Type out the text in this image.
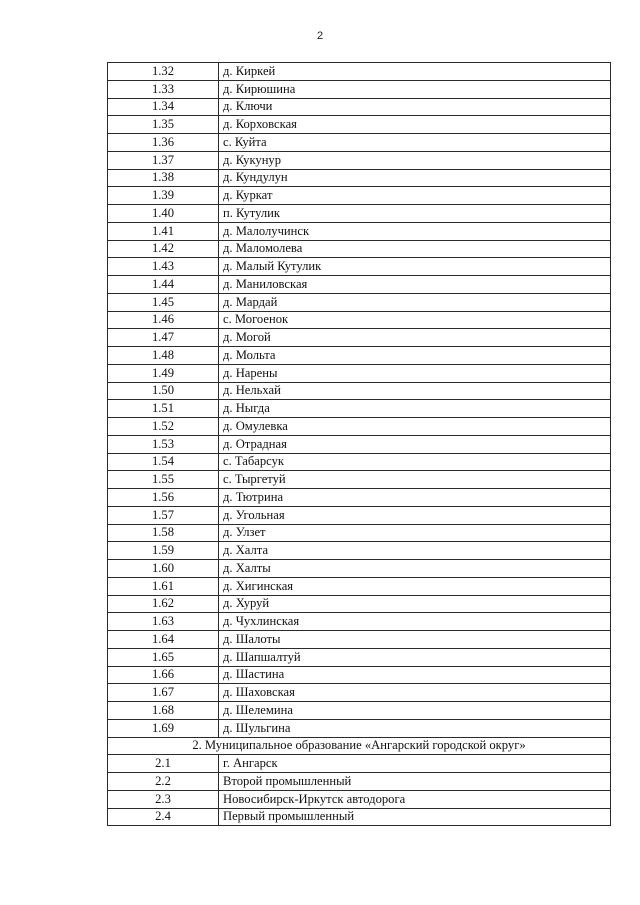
2
1.32	д. Киркей
1.33	д. Кирюшина
1.34	д. Ключи
1.35	д. Корховская
1.36	с. Куйта
1.37	д. Кукунур
1.38	д. Кундулун
1.39	д. Куркат
1.40	п. Кутулик
1.41	д. Малолучинск
1.42	д. Маломолева
1.43	д. Малый Кутулик
1.44	д. Маниловская
1.45	д. Мардай
1.46	с. Могоенок
1.47	д. Могой
1.48	д. Мольта
1.49	д. Нарены
1.50	д. Нельхай
1.51	д. Ныгда
1.52	д. Омулевка
1.53	д. Отрадная
1.54	с. Табарсук
1.55	с. Тыргетуй
1.56	д. Тютрина
1.57	д. Угольная
1.58	д. Улзет
1.59	д. Халта
1.60	д. Халты
1.61	д. Хигинская
1.62	д. Хуруй
1.63	д. Чухлинская
1.64	д. Шалоты
1.65	д. Шапшалтуй
1.66	д. Шастина
1.67	д. Шаховская
1.68	д. Шелемина
1.69	д. Шульгина
2. Муниципальное образование «Ангарский городской округ»	
2.1	г. Ангарск
2.2	Второй промышленный
2.3	Новосибирск-Иркутск автодорога
2.4	Первый промышленный
